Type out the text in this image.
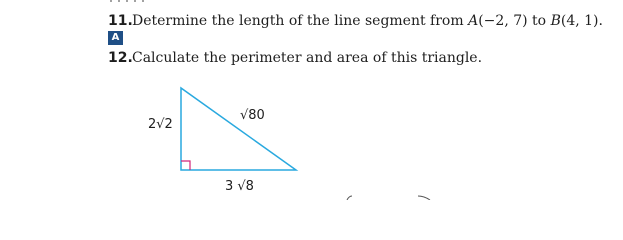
11. Determine the length of the line segment from A(−2, 7) to B(4, 1).
A
12. Calculate the perimeter and area of this triangle.
2√2
√80
3 √8
